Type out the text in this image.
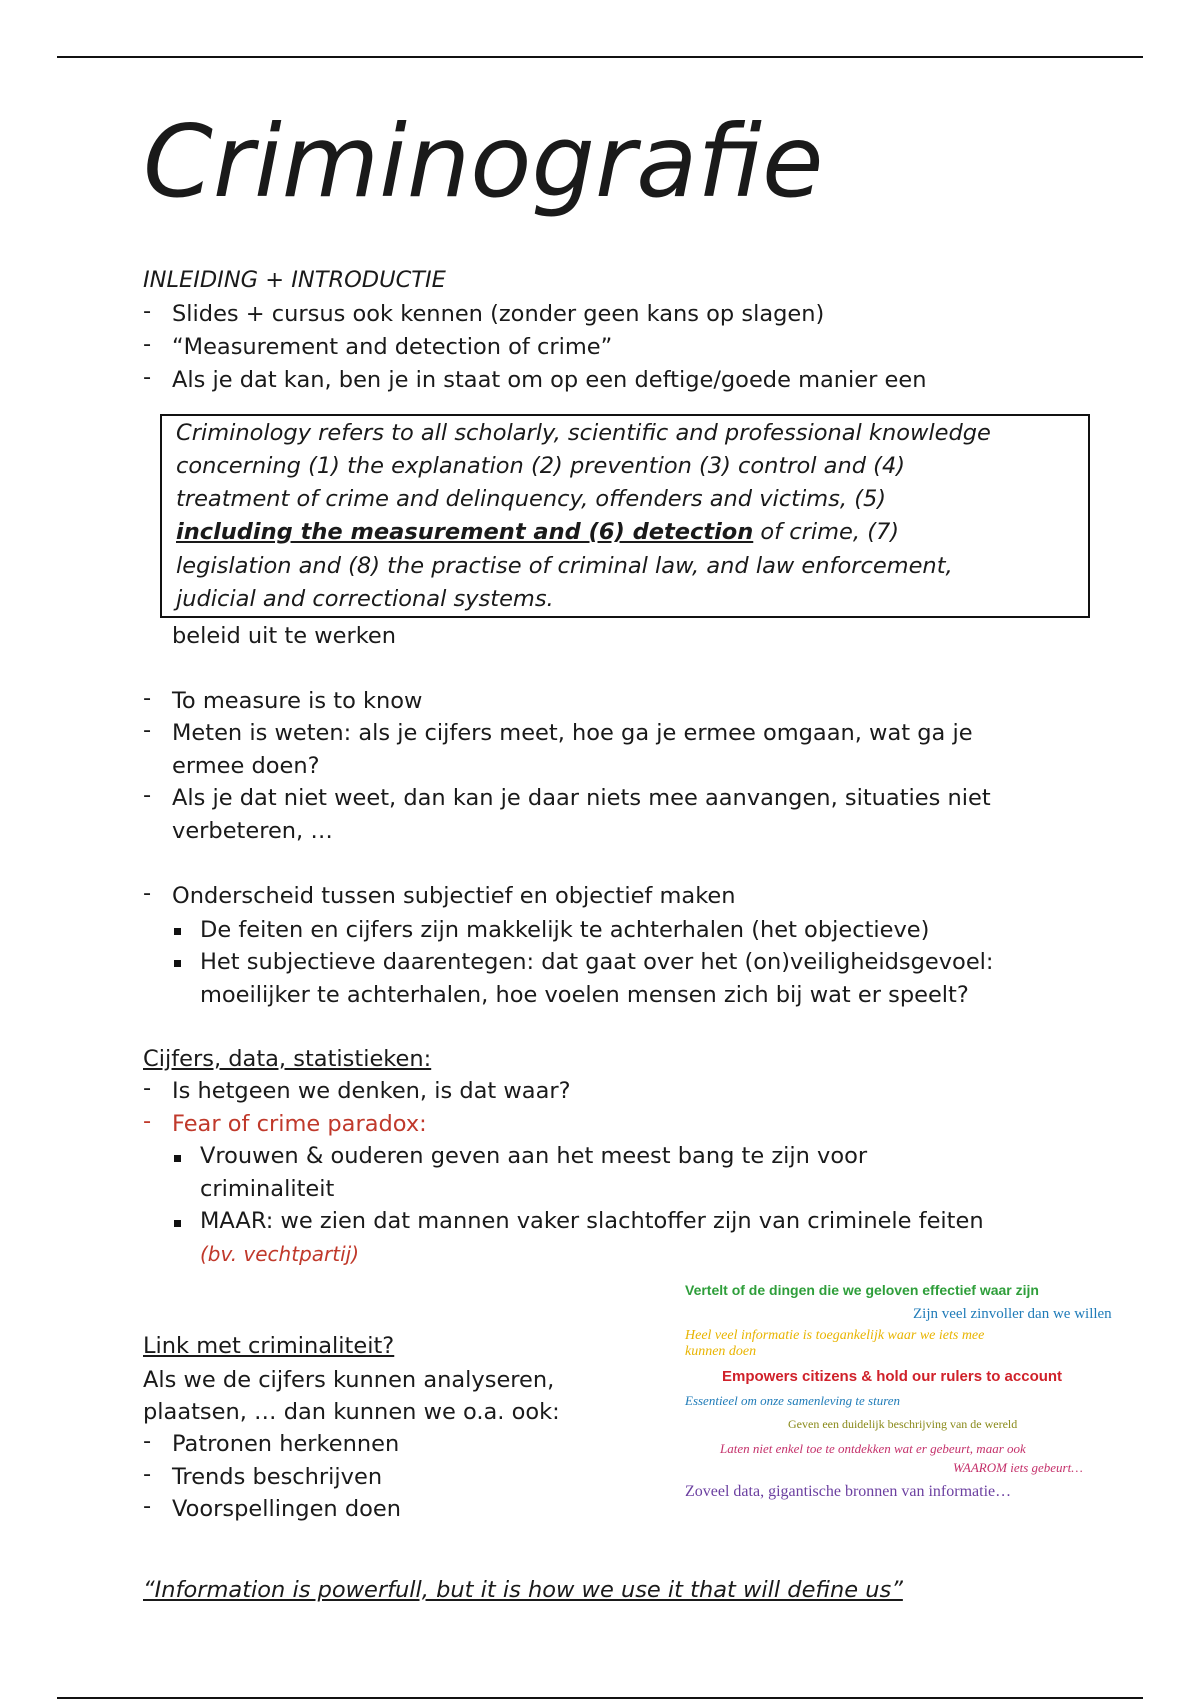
Criminografie
INLEIDING + INTRODUCTIE
- Slides + cursus ook kennen (zonder geen kans op slagen)
- “Measurement and detection of crime”
- Als je dat kan, ben je in staat om op een deftige/goede manier een
Criminology refers to all scholarly, scientific and professional knowledge
concerning (1) the explanation (2) prevention (3) control and (4)
treatment of crime and delinquency, offenders and victims, (5)
including the measurement and (6) detection of crime, (7)
legislation and (8) the practise of criminal law, and law enforcement,
judicial and correctional systems.
beleid uit te werken
- To measure is to know
- Meten is weten: als je cijfers meet, hoe ga je ermee omgaan, wat ga je
ermee doen?
- Als je dat niet weet, dan kan je daar niets mee aanvangen, situaties niet
verbeteren, …
- Onderscheid tussen subjectief en objectief maken
De feiten en cijfers zijn makkelijk te achterhalen (het objectieve)
Het subjectieve daarentegen: dat gaat over het (on)veiligheidsgevoel:
moeilijker te achterhalen, hoe voelen mensen zich bij wat er speelt?
Cijfers, data, statistieken:
- Is hetgeen we denken, is dat waar?
- Fear of crime paradox:
Vrouwen & ouderen geven aan het meest bang te zijn voor
criminaliteit
MAAR: we zien dat mannen vaker slachtoffer zijn van criminele feiten
(bv. vechtpartij)
Link met criminaliteit?
Als we de cijfers kunnen analyseren,
plaatsen, … dan kunnen we o.a. ook:
- Patronen herkennen
- Trends beschrijven
- Voorspellingen doen
Vertelt of de dingen die we geloven effectief waar zijn
Zijn veel zinvoller dan we willen
Heel veel informatie is toegankelijk waar we iets mee
kunnen doen
Empowers citizens & hold our rulers to account
Essentieel om onze samenleving te sturen
Geven een duidelijk beschrijving van de wereld
Laten niet enkel toe te ontdekken wat er gebeurt, maar ook
WAAROM iets gebeurt…
Zoveel data, gigantische bronnen van informatie…
“Information is powerfull, but it is how we use it that will define us”
